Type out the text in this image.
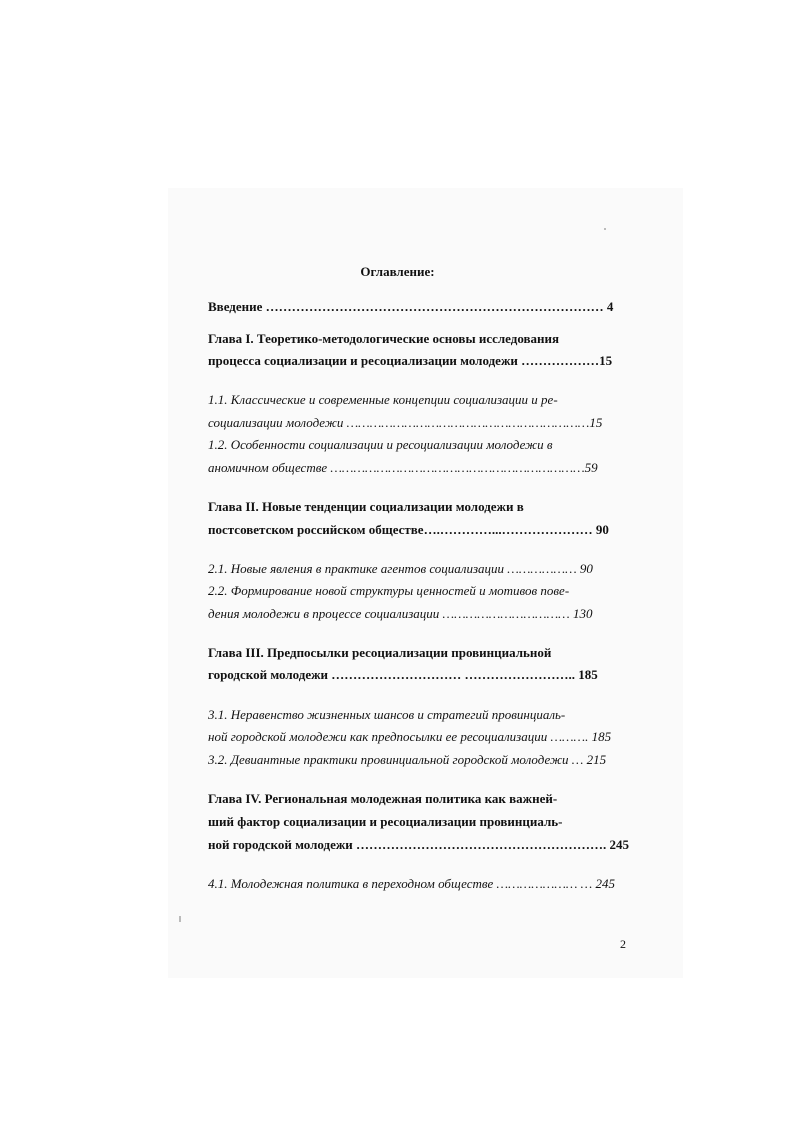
Оглавление:
Введение …………………………………………………………………… 4
Глава I. Теоретико-методологические основы исследования
процесса социализации и ресоциализации молодежи ………………15
1.1. Классические и современные концепции социализации и ре-
социализации молодежи ………………………………………………………15
1.2. Особенности социализации и ресоциализации молодежи в
аномичном обществе …………………………………………………………59
Глава II. Новые тенденции социализации молодежи в
постсоветском российском обществе….…………...………………… 90
2.1. Новые явления в практике агентов социализации ……………… 90
2.2. Формирование новой структуры ценностей и мотивов пове-
дения молодежи в процессе социализации …………………………… 130
Глава III. Предпосылки ресоциализации провинциальной
городской молодежи ………………………… …………………….. 185
3.1. Неравенство жизненных шансов и стратегий провинциаль-
ной городской молодежи как предпосылки ее ресоциализации ………. 185
3.2. Девиантные практики провинциальной городской молодежи … 215
Глава IV. Региональная молодежная политика как важней-
ший фактор социализации и ресоциализации провинциаль-
ной городской молодежи …………………………………………………. 245
4.1. Молодежная политика в переходном обществе ………………… … 245
2
